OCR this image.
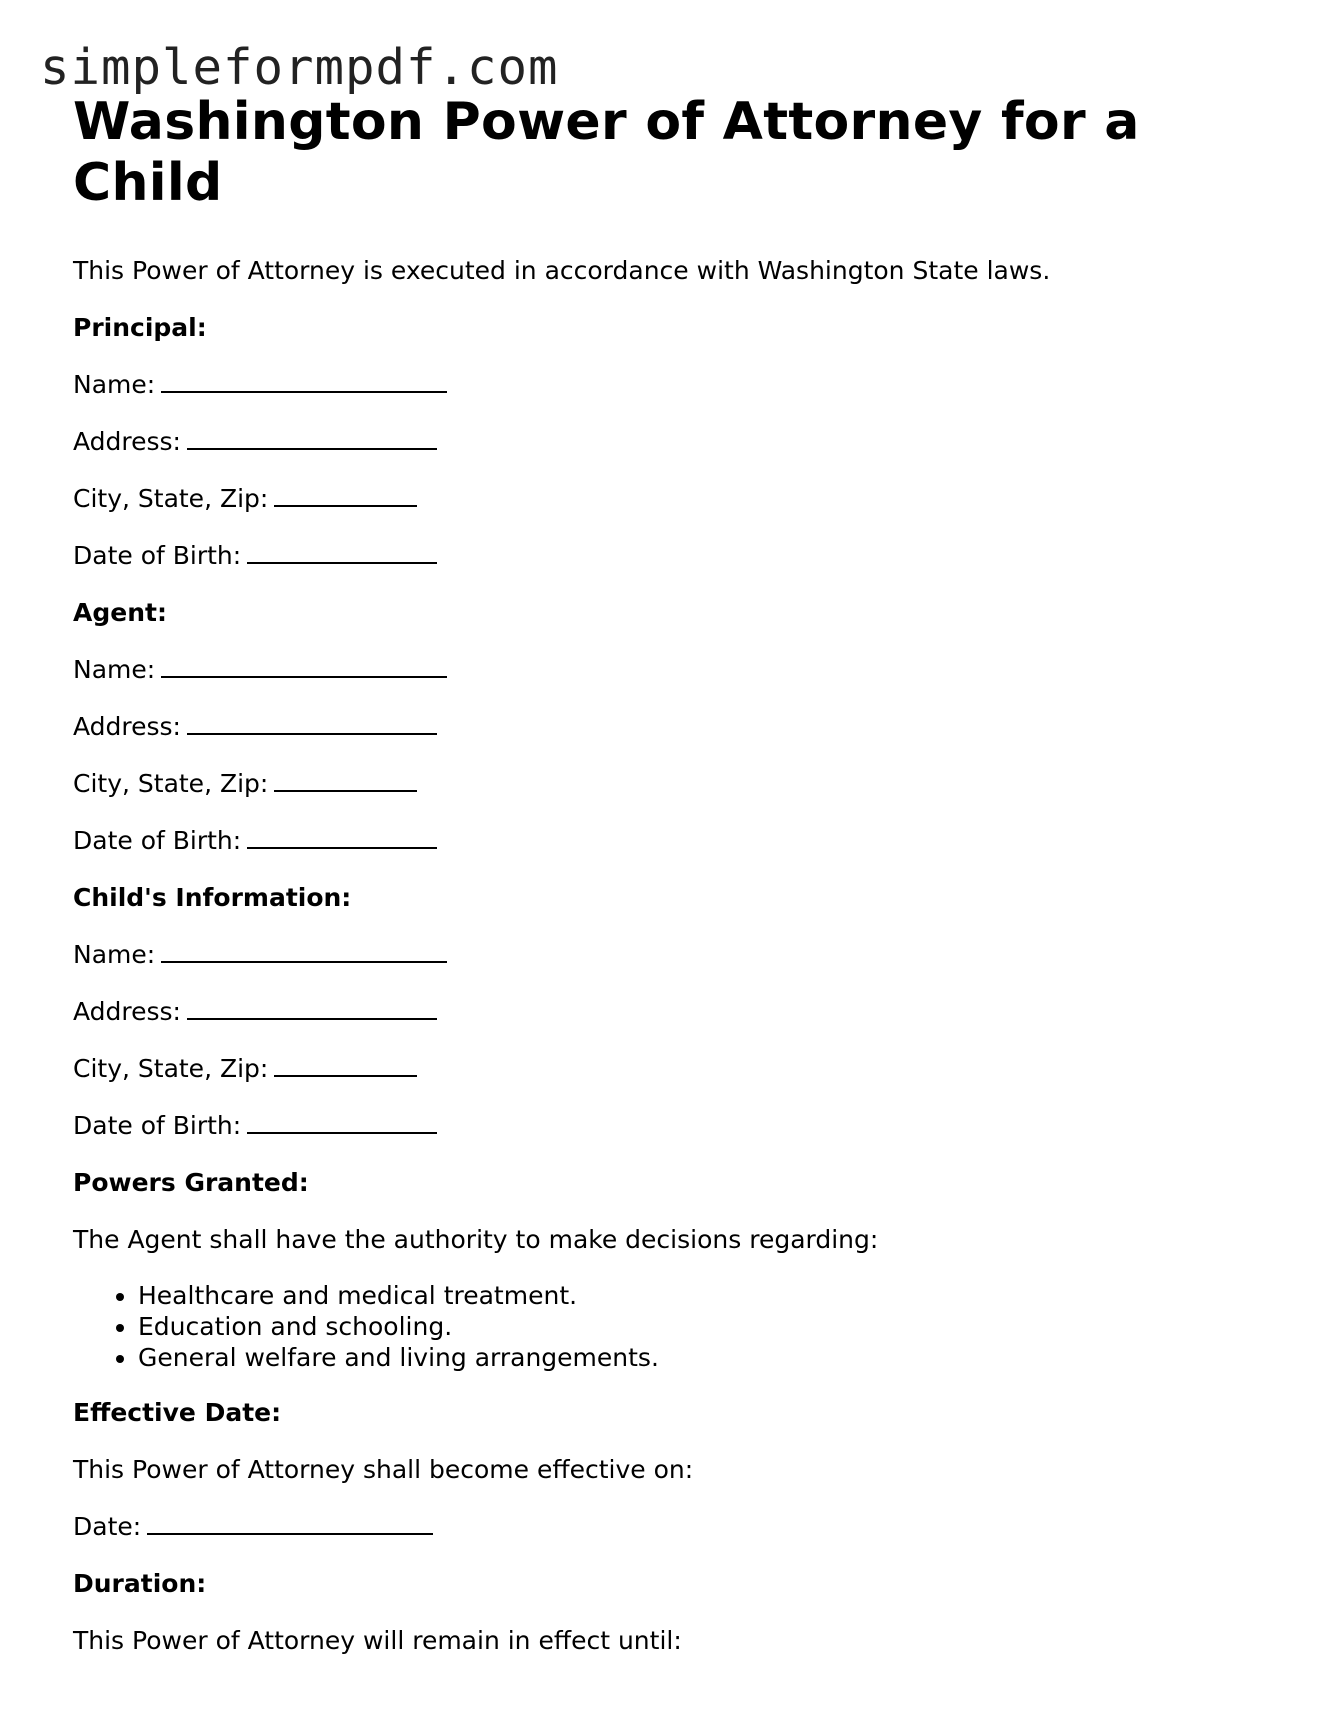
simpleformpdf.com
Washington Power of Attorney for a Child

This Power of Attorney is executed in accordance with Washington State laws.

Principal:

Name:

Address:

City, State, Zip:

Date of Birth:

Agent:

Name:

Address:

City, State, Zip:

Date of Birth:

Child's Information:

Name:

Address:

City, State, Zip:

Date of Birth:

Powers Granted:

The Agent shall have the authority to make decisions regarding:

• Healthcare and medical treatment.
• Education and schooling.
• General welfare and living arrangements.

Effective Date:

This Power of Attorney shall become effective on:

Date:

Duration:

This Power of Attorney will remain in effect until:
